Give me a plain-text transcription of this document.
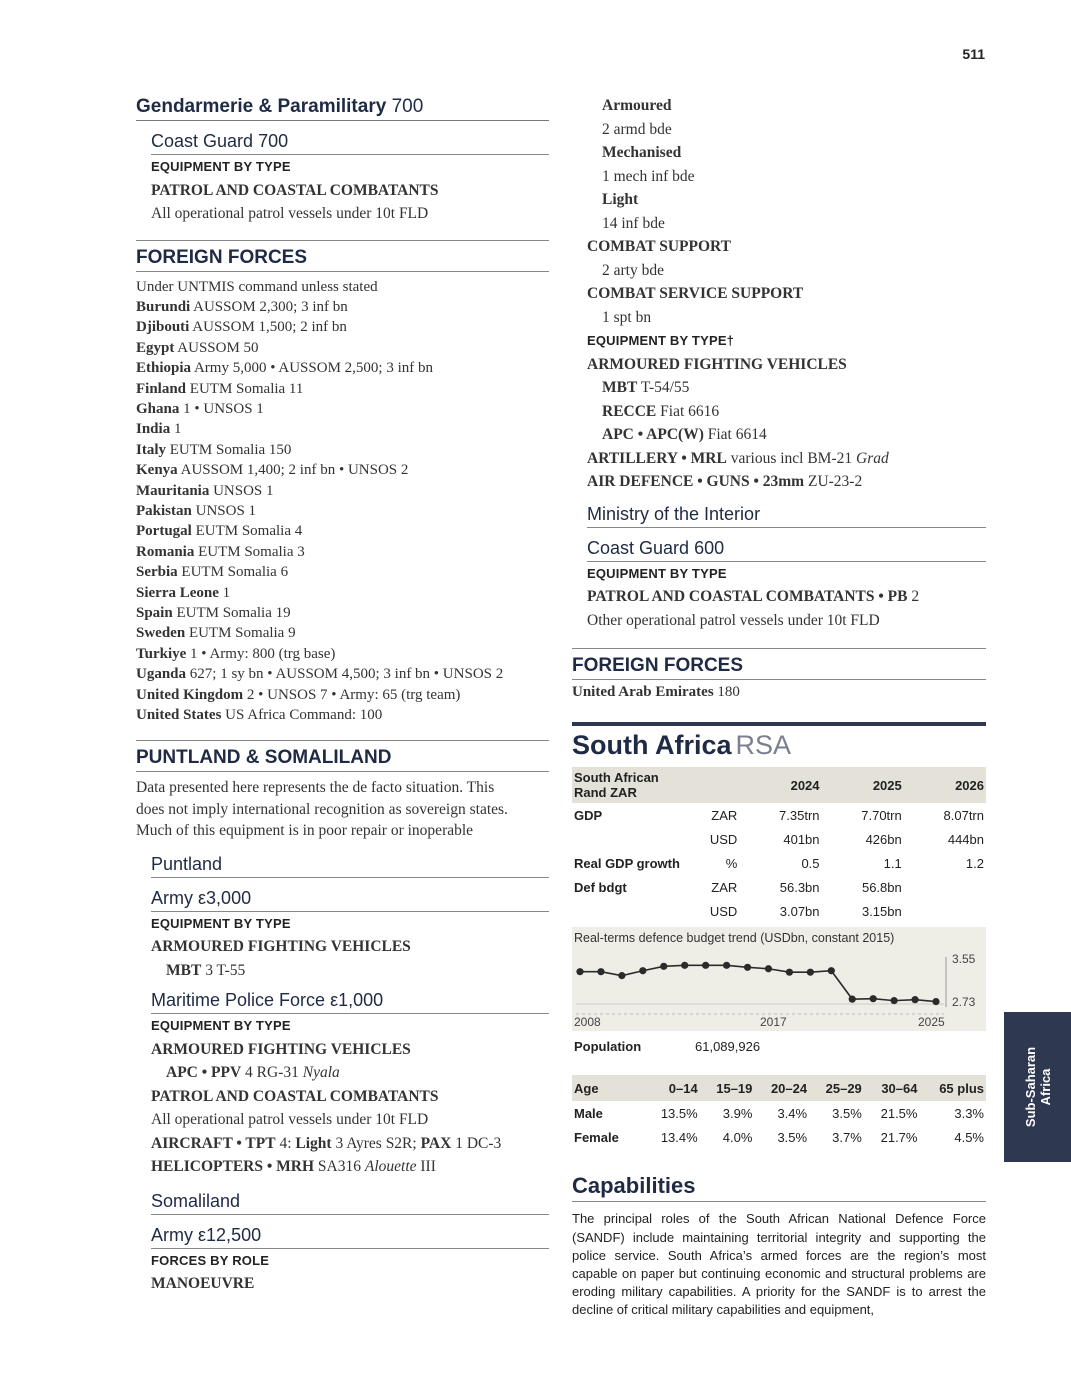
511
Gendarmerie & Paramilitary 700
Coast Guard 700
EQUIPMENT BY TYPE
PATROL AND COASTAL COMBATANTS
All operational patrol vessels under 10t FLD
FOREIGN FORCES
Under UNTMIS command unless stated
Burundi AUSSOM 2,300; 3 inf bn
Djibouti AUSSOM 1,500; 2 inf bn
Egypt AUSSOM 50
Ethiopia Army 5,000 • AUSSOM 2,500; 3 inf bn
Finland EUTM Somalia 11
Ghana 1 • UNSOS 1
India 1
Italy EUTM Somalia 150
Kenya AUSSOM 1,400; 2 inf bn • UNSOS 2
Mauritania UNSOS 1
Pakistan UNSOS 1
Portugal EUTM Somalia 4
Romania EUTM Somalia 3
Serbia EUTM Somalia 6
Sierra Leone 1
Spain EUTM Somalia 19
Sweden EUTM Somalia 9
Turkiye 1 • Army: 800 (trg base)
Uganda 627; 1 sy bn • AUSSOM 4,500; 3 inf bn • UNSOS 2
United Kingdom 2 • UNSOS 7 • Army: 65 (trg team)
United States US Africa Command: 100
PUNTLAND & SOMALILAND
Data presented here represents the de facto situation. This
does not imply international recognition as sovereign states.
Much of this equipment is in poor repair or inoperable
Puntland
Army ε3,000
EQUIPMENT BY TYPE
ARMOURED FIGHTING VEHICLES
MBT 3 T-55
Maritime Police Force ε1,000
EQUIPMENT BY TYPE
ARMOURED FIGHTING VEHICLES
APC • PPV 4 RG-31 Nyala
PATROL AND COASTAL COMBATANTS
All operational patrol vessels under 10t FLD
AIRCRAFT • TPT 4: Light 3 Ayres S2R; PAX 1 DC-3
HELICOPTERS • MRH SA316 Alouette III
Somaliland
Army ε12,500
FORCES BY ROLE
MANOEUVRE
Armoured
2 armd bde
Mechanised
1 mech inf bde
Light
14 inf bde
COMBAT SUPPORT
2 arty bde
COMBAT SERVICE SUPPORT
1 spt bn
EQUIPMENT BY TYPE†
ARMOURED FIGHTING VEHICLES
MBT T-54/55
RECCE Fiat 6616
APC • APC(W) Fiat 6614
ARTILLERY • MRL various incl BM-21 Grad
AIR DEFENCE • GUNS • 23mm ZU-23-2
Ministry of the Interior
Coast Guard 600
EQUIPMENT BY TYPE
PATROL AND COASTAL COMBATANTS • PB 2
Other operational patrol vessels under 10t FLD
FOREIGN FORCES
United Arab Emirates 180
South Africa RSA
South African Rand ZAR		2024	2025	2026
GDP	ZAR	7.35trn	7.70trn	8.07trn
	USD	401bn	426bn	444bn
Real GDP growth	%	0.5	1.1	1.2
Def bdgt	ZAR	56.3bn	56.8bn	
	USD	3.07bn	3.15bn	
Real-terms defence budget trend (USDbn, constant 2015)
2008	2017	2025
3.55
2.73
Population	61,089,926
Age	0–14	15–19	20–24	25–29	30–64	65 plus
Male	13.5%	3.9%	3.4%	3.5%	21.5%	3.3%
Female	13.4%	4.0%	3.5%	3.7%	21.7%	4.5%
Capabilities
The principal roles of the South African National Defence Force (SANDF) include maintaining territorial integrity and supporting the police service. South Africa’s armed forces are the region’s most capable on paper but continuing economic and structural problems are eroding military capabilities. A priority for the SANDF is to arrest the decline of critical military capabilities and equipment,
Sub-Saharan Africa
